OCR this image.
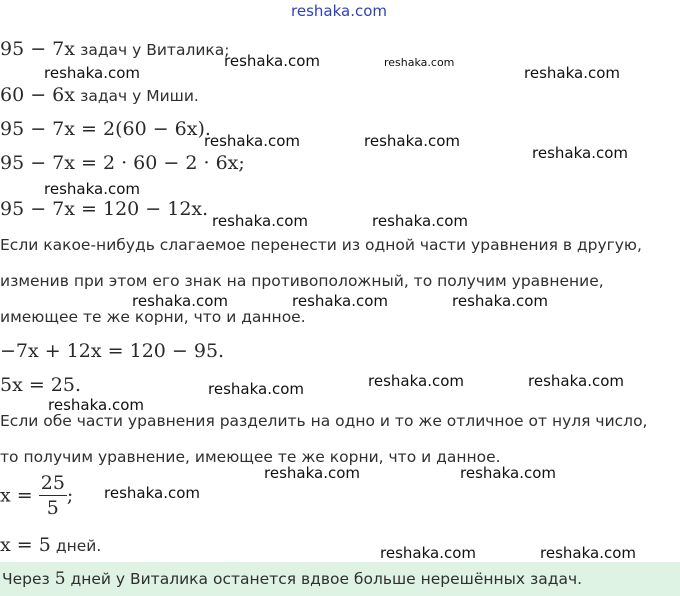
reshaka.com
reshaka.com	reshaka.com
reshaka.com	reshaka.com
reshaka.com	reshaka.com
reshaka.com
reshaka.com
reshaka.com	reshaka.com
reshaka.com	reshaka.com	reshaka.com
reshaka.com	reshaka.com
reshaka.com
reshaka.com
reshaka.com	reshaka.com
reshaka.com
reshaka.com	reshaka.com
95 − 7x задач у Виталика;
60 − 6x задач у Миши.
95 − 7x = 2(60 − 6x).
95 − 7x = 2 · 60 − 2 · 6x;
95 − 7x = 120 − 12x.
Если какое-нибудь слагаемое перенести из одной части уравнения в другую,
изменив при этом его знак на противоположный, то получим уравнение,
имеющее те же корни, что и данное.
−7x + 12x = 120 − 95.
5x = 25.
Если обе части уравнения разделить на одно и то же отличное от нуля число,
то получим уравнение, имеющее те же корни, что и данное.
$x = \frac{25}{5}$ ;
x = 5 дней.
Через 5 дней у Виталика останется вдвое больше нерешённых задач.
